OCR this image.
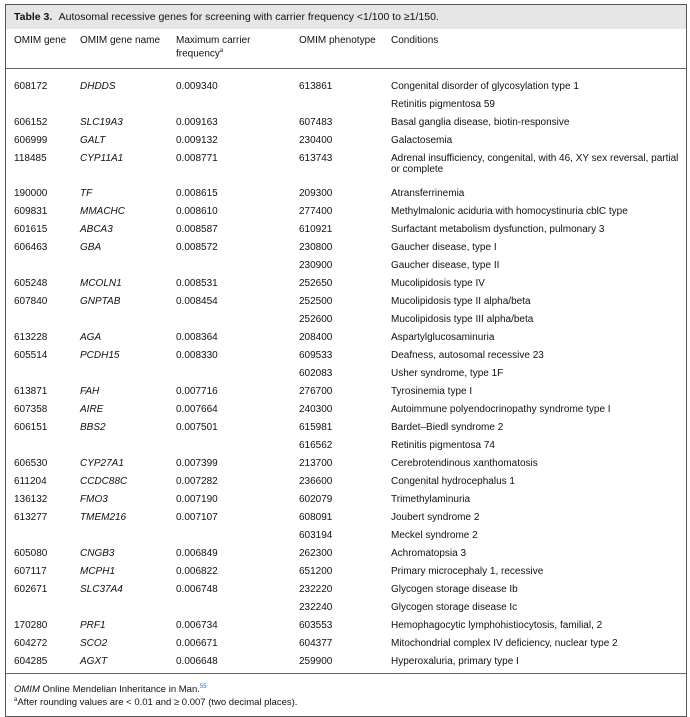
Table 3. Autosomal recessive genes for screening with carrier frequency <1/100 to ≥1/150.
OMIM gene	OMIM gene name	Maximum carrier frequency$^a$	OMIM phenotype	Conditions
608172	DHDDS	0.009340	613861	Congenital disorder of glycosylation type 1
				Retinitis pigmentosa 59
606152	SLC19A3	0.009163	607483	Basal ganglia disease, biotin-responsive
606999	GALT	0.009132	230400	Galactosemia
118485	CYP11A1	0.008771	613743	Adrenal insufficiency, congenital, with 46, XY sex reversal, partial or complete
190000	TF	0.008615	209300	Atransferrinemia
609831	MMACHC	0.008610	277400	Methylmalonic aciduria with homocystinuria cblC type
601615	ABCA3	0.008587	610921	Surfactant metabolism dysfunction, pulmonary 3
606463	GBA	0.008572	230800	Gaucher disease, type I
			230900	Gaucher disease, type II
605248	MCOLN1	0.008531	252650	Mucolipidosis type IV
607840	GNPTAB	0.008454	252500	Mucolipidosis type II alpha/beta
			252600	Mucolipidosis type III alpha/beta
613228	AGA	0.008364	208400	Aspartylglucosaminuria
605514	PCDH15	0.008330	609533	Deafness, autosomal recessive 23
			602083	Usher syndrome, type 1F
613871	FAH	0.007716	276700	Tyrosinemia type I
607358	AIRE	0.007664	240300	Autoimmune polyendocrinopathy syndrome type I
606151	BBS2	0.007501	615981	Bardet–Biedl syndrome 2
			616562	Retinitis pigmentosa 74
606530	CYP27A1	0.007399	213700	Cerebrotendinous xanthomatosis
611204	CCDC88C	0.007282	236600	Congenital hydrocephalus 1
136132	FMO3	0.007190	602079	Trimethylaminuria
613277	TMEM216	0.007107	608091	Joubert syndrome 2
			603194	Meckel syndrome 2
605080	CNGB3	0.006849	262300	Achromatopsia 3
607117	MCPH1	0.006822	651200	Primary microcephaly 1, recessive
602671	SLC37A4	0.006748	232220	Glycogen storage disease Ib
			232240	Glycogen storage disease Ic
170280	PRF1	0.006734	603553	Hemophagocytic lymphohistiocytosis, familial, 2
604272	SCO2	0.006671	604377	Mitochondrial complex IV deficiency, nuclear type 2
604285	AGXT	0.006648	259900	Hyperoxaluria, primary type I
OMIM Online Mendelian Inheritance in Man.$^{55}$
$^a$After rounding values are < 0.01 and ≥ 0.007 (two decimal places).
